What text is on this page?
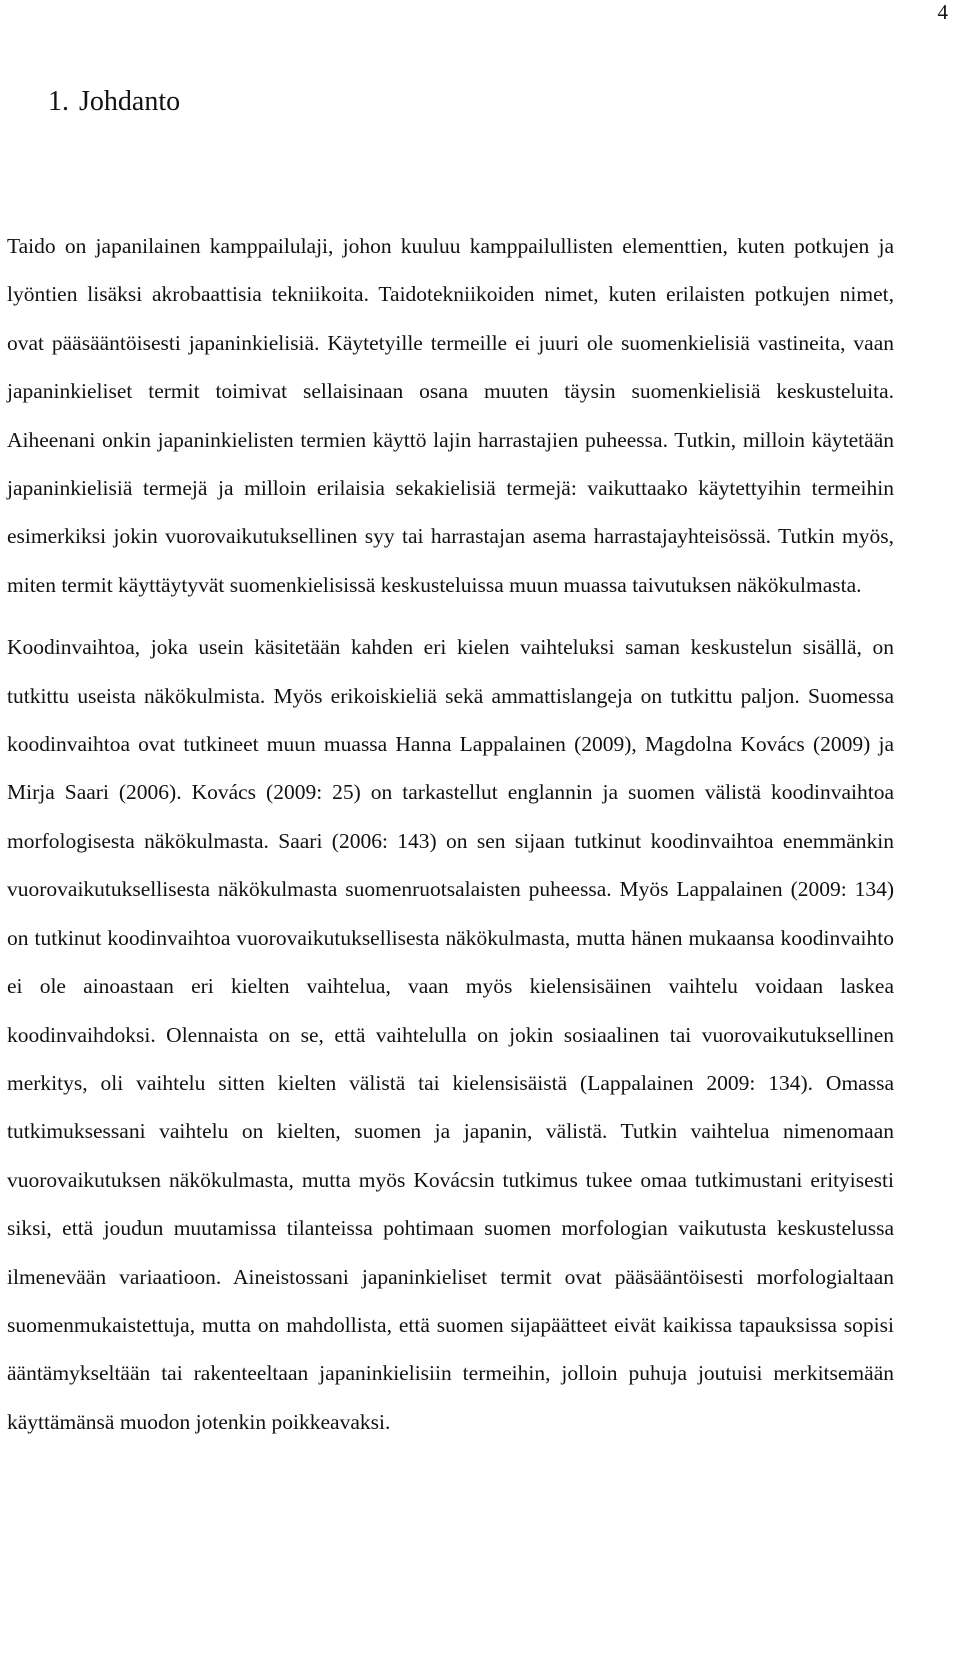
4
1. Johdanto

Taido on japanilainen kamppailulaji, johon kuuluu kamppailullisten elementtien, kuten potkujen ja lyöntien lisäksi akrobaattisia tekniikoita. Taidotekniikoiden nimet, kuten erilaisten potkujen nimet, ovat pääsääntöisesti japaninkielisiä. Käytetyille termeille ei juuri ole suomenkielisiä vastineita, vaan japaninkieliset termit toimivat sellaisinaan osana muuten täysin suomenkielisiä keskusteluita. Aiheenani onkin japaninkielisten termien käyttö lajin harrastajien puheessa. Tutkin, milloin käytetään japaninkielisiä termejä ja milloin erilaisia sekakielisiä termejä: vaikuttaako käytettyihin termeihin esimerkiksi jokin vuorovaikutuksellinen syy tai harrastajan asema harrastajayhteisössä. Tutkin myös, miten termit käyttäytyvät suomenkielisissä keskusteluissa muun muassa taivutuksen näkökulmasta.

Koodinvaihtoa, joka usein käsitetään kahden eri kielen vaihteluksi saman keskustelun sisällä, on tutkittu useista näkökulmista. Myös erikoiskieliä sekä ammattislangeja on tutkittu paljon. Suomessa koodinvaihtoa ovat tutkineet muun muassa Hanna Lappalainen (2009), Magdolna Kovács (2009) ja Mirja Saari (2006). Kovács (2009: 25) on tarkastellut englannin ja suomen välistä koodinvaihtoa morfologisesta näkökulmasta. Saari (2006: 143) on sen sijaan tutkinut koodinvaihtoa enemmänkin vuorovaikutuksellisesta näkökulmasta suomenruotsalaisten puheessa. Myös Lappalainen (2009: 134) on tutkinut koodinvaihtoa vuorovaikutuksellisesta näkökulmasta, mutta hänen mukaansa koodinvaihto ei ole ainoastaan eri kielten vaihtelua, vaan myös kielensisäinen vaihtelu voidaan laskea koodinvaihdoksi. Olennaista on se, että vaihtelulla on jokin sosiaalinen tai vuorovaikutuksellinen merkitys, oli vaihtelu sitten kielten välistä tai kielensisäistä (Lappalainen 2009: 134). Omassa tutkimuksessani vaihtelu on kielten, suomen ja japanin, välistä. Tutkin vaihtelua nimenomaan vuorovaikutuksen näkökulmasta, mutta myös Kovácsin tutkimus tukee omaa tutkimustani erityisesti siksi, että joudun muutamissa tilanteissa pohtimaan suomen morfologian vaikutusta keskustelussa ilmenevään variaatioon. Aineistossani japaninkieliset termit ovat pääsääntöisesti morfologialtaan suomenmukaistettuja, mutta on mahdollista, että suomen sijapäätteet eivät kaikissa tapauksissa sopisi ääntämykseltään tai rakenteeltaan japaninkielisiin termeihin, jolloin puhuja joutuisi merkitsemään käyttämänsä muodon jotenkin poikkeavaksi.
